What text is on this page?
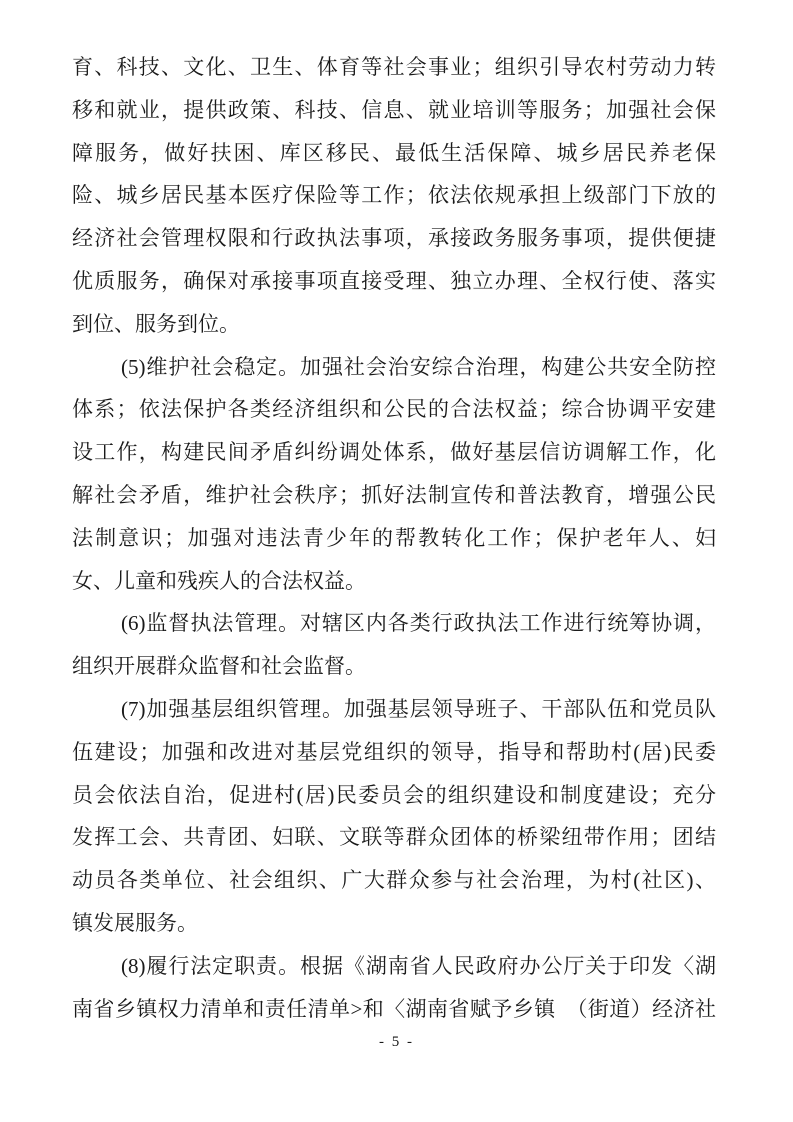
育、科技、文化、卫生、体育等社会事业；组织引导农村劳动力转
移和就业，提供政策、科技、信息、就业培训等服务；加强社会保
障服务，做好扶困、库区移民、最低生活保障、城乡居民养老保
险、城乡居民基本医疗保险等工作；依法依规承担上级部门下放的
经济社会管理权限和行政执法事项，承接政务服务事项，提供便捷
优质服务，确保对承接事项直接受理、独立办理、全权行使、落实
到位、服务到位。
(5)维护社会稳定。加强社会治安综合治理，构建公共安全防控
体系；依法保护各类经济组织和公民的合法权益；综合协调平安建
设工作，构建民间矛盾纠纷调处体系，做好基层信访调解工作，化
解社会矛盾，维护社会秩序；抓好法制宣传和普法教育，增强公民
法制意识；加强对违法青少年的帮教转化工作；保护老年人、妇
女、儿童和残疾人的合法权益。
(6)监督执法管理。对辖区内各类行政执法工作进行统筹协调，
组织开展群众监督和社会监督。
(7)加强基层组织管理。加强基层领导班子、干部队伍和党员队
伍建设；加强和改进对基层党组织的领导，指导和帮助村(居)民委
员会依法自治，促进村(居)民委员会的组织建设和制度建设；充分
发挥工会、共青团、妇联、文联等群众团体的桥梁纽带作用；团结
动员各类单位、社会组织、广大群众参与社会治理，为村(社区)、
镇发展服务。
(8)履行法定职责。根据《湖南省人民政府办公厅关于印发〈湖
南省乡镇权力清单和责任清单>和〈湖南省赋予乡镇　（街道）经济社
- 5 -
